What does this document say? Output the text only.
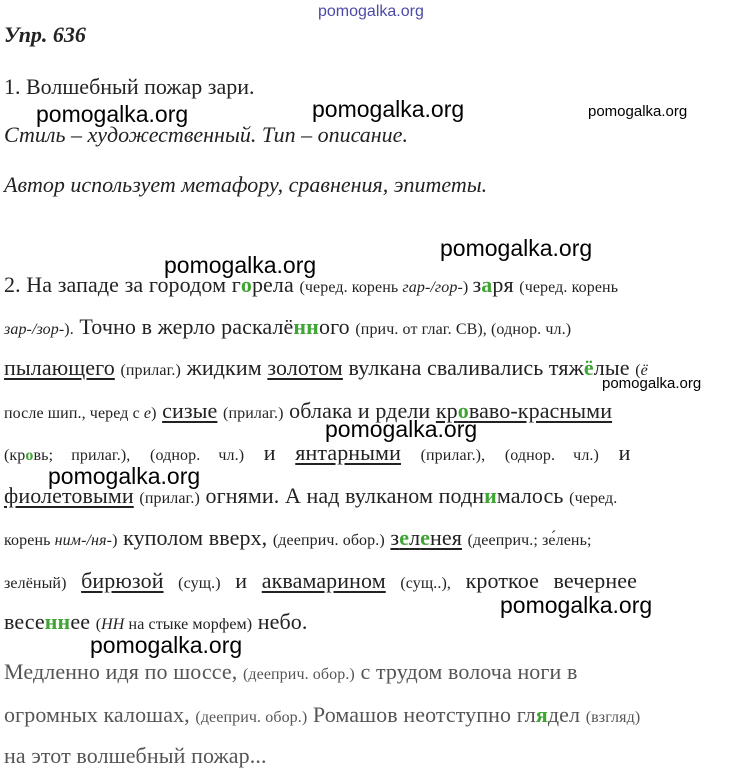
pomogalka.org
pomogalka.org	pomogalka.org	pomogalka.org
pomogalka.org
pomogalka.org
pomogalka.org
pomogalka.org
pomogalka.org
pomogalka.org
pomogalka.org
Упр. 636
1. Волшебный пожар зари.
Стиль – художественный. Тип – описание.
Автор использует метафору, сравнения, эпитеты.
2. На западе за городом горела (черед. корень гар-/гор-) заря (черед. корень
зар-/зор-). Точно в жерло раскалённого (прич. от глаг. СВ), (однор. чл.)
пылающего (прилаг.) жидким золотом вулкана сваливались тяжёлые (ё
после шип., черед с е) сизые (прилаг.) облака и рдели кроваво-красными
(кровь; прилаг.), (однор. чл.) и янтарными (прилаг.), (однор. чл.) и
фиолетовыми (прилаг.) огнями. А над вулканом поднималось (черед.
корень ним-/ня-) куполом вверх, (дееприч. обор.) зеленея (дееприч.; зе́лень;
зелёный) бирюзой (сущ.) и аквамарином (сущ..), кроткое вечернее
весеннее (НН на стыке морфем) небо.
Медленно идя по шоссе, (дееприч. обор.) с трудом волоча ноги в
огромных калошах, (дееприч. обор.) Ромашов неотступно глядел (взгляд)
на этот волшебный пожар...
